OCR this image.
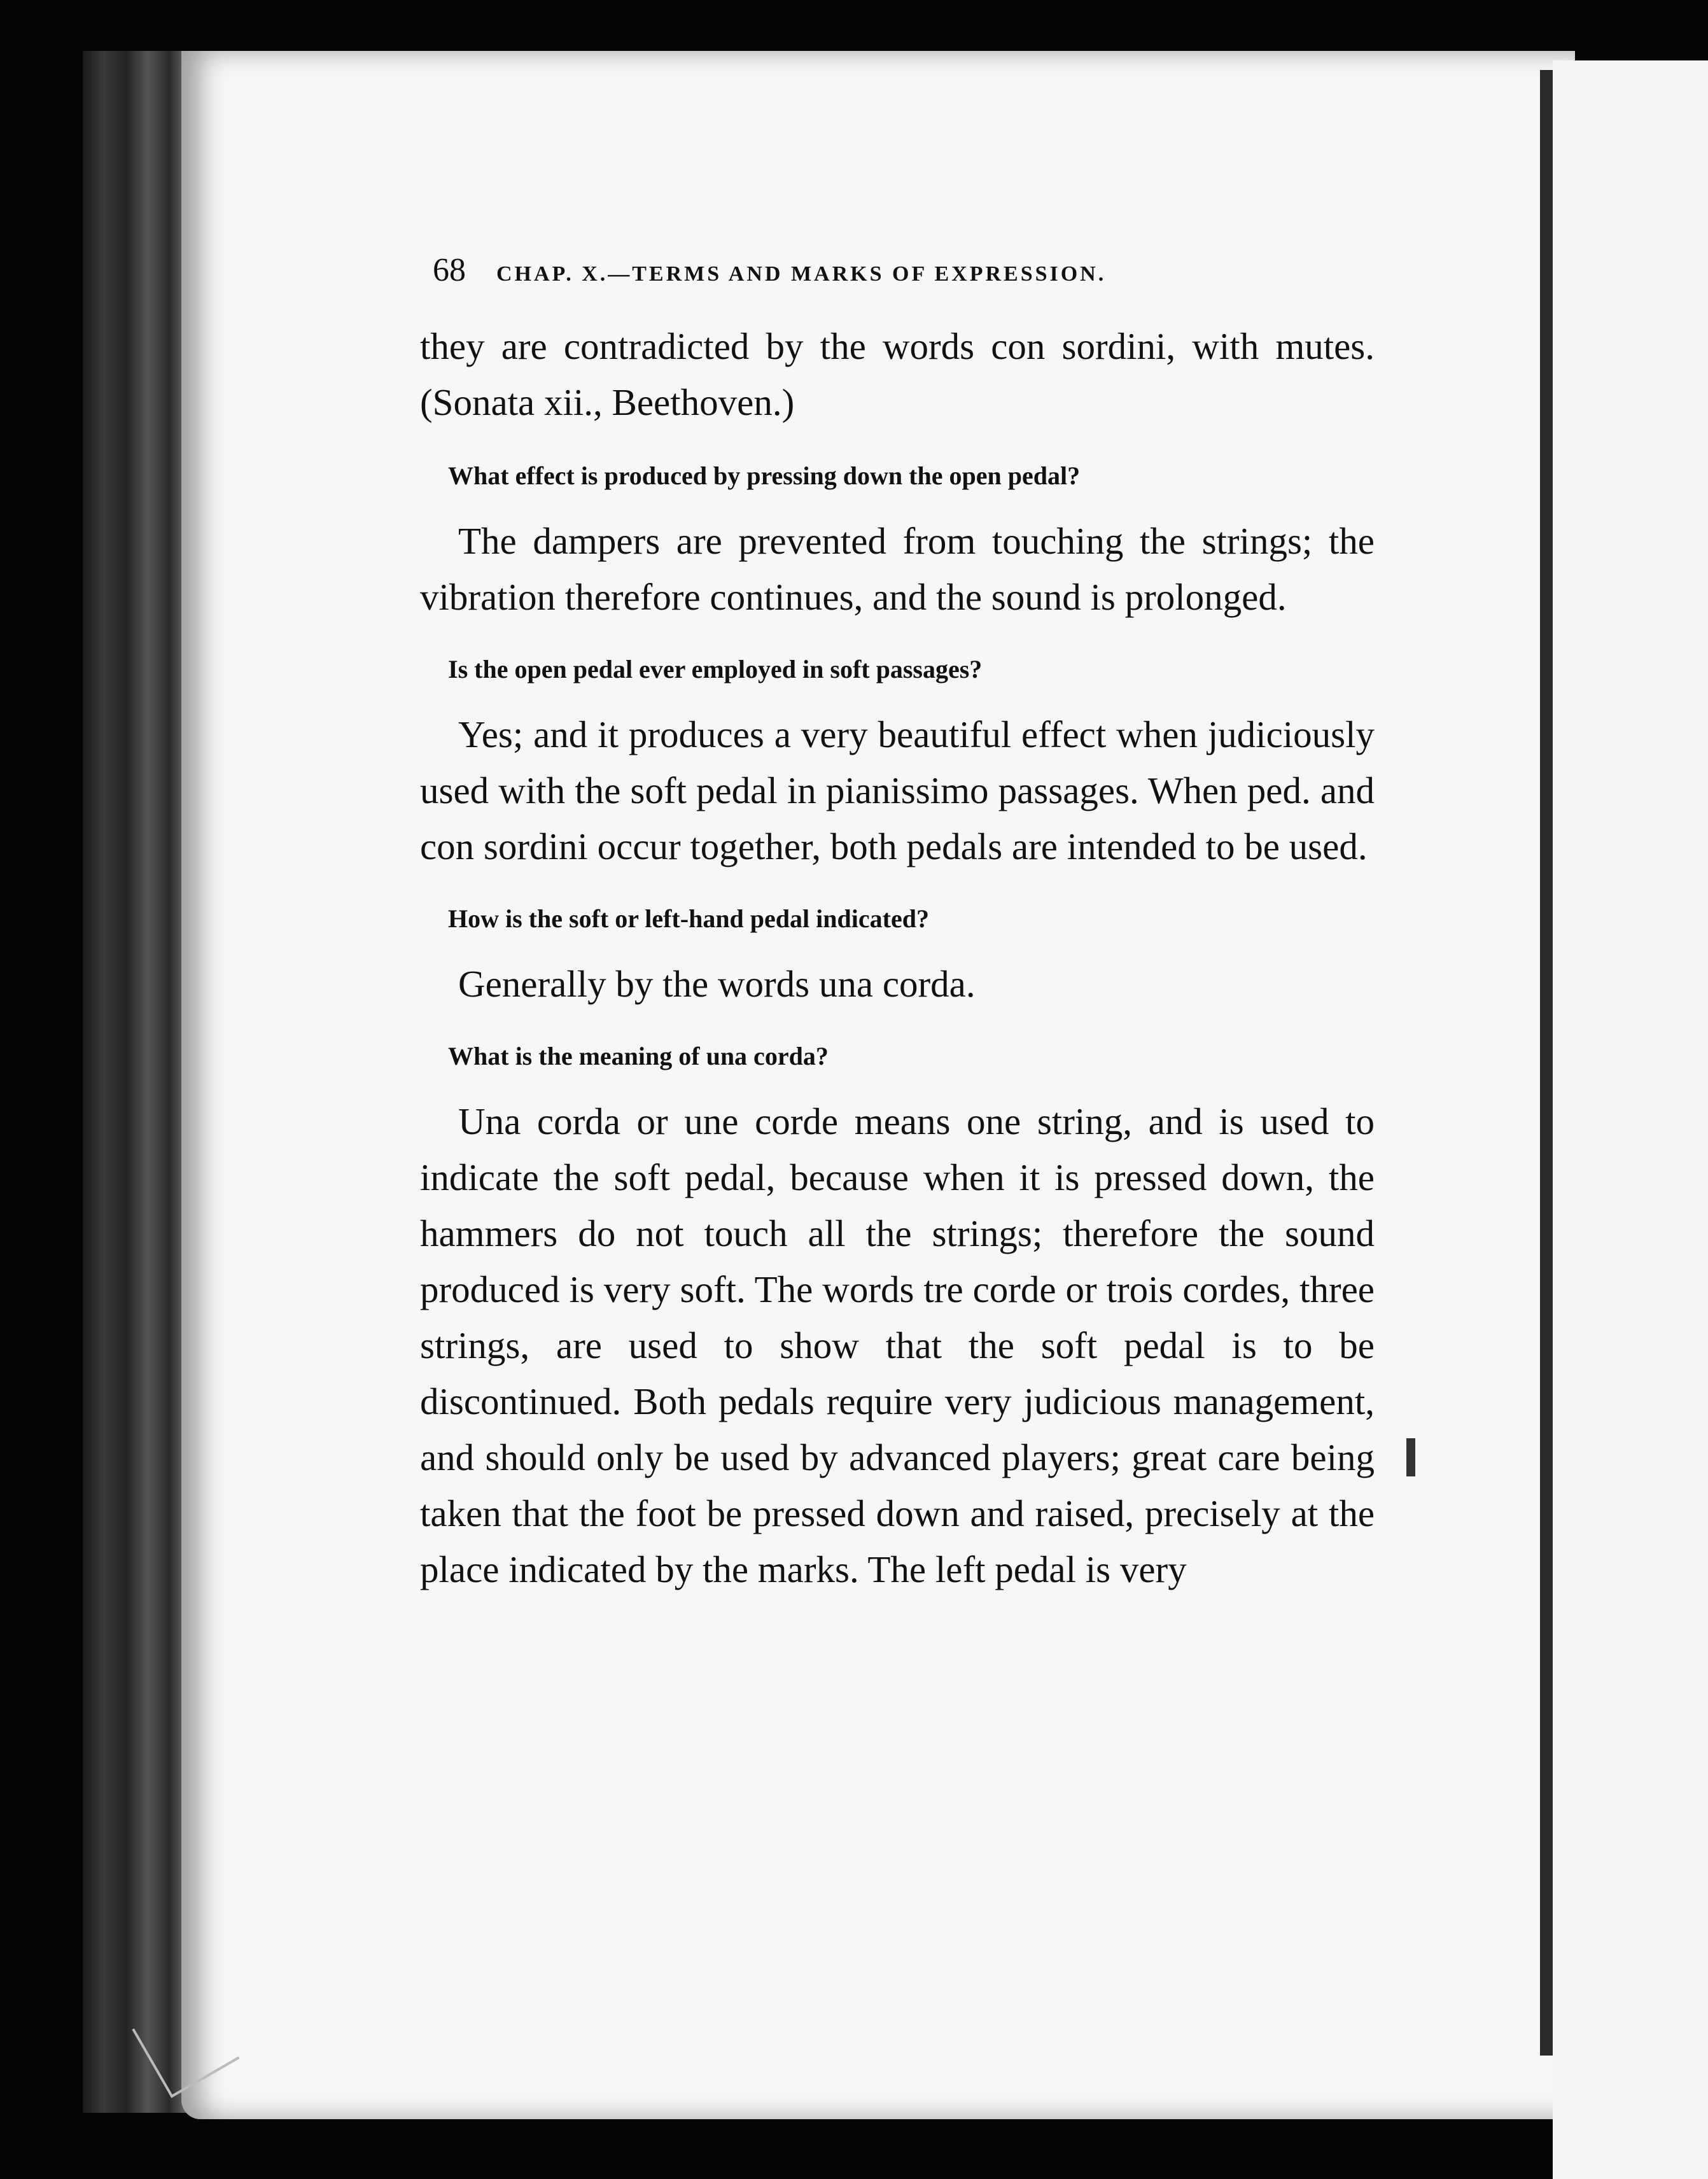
68 CHAP. X.—TERMS AND MARKS OF EXPRESSION.

they are contradicted by the words con sordini, with mutes. (Sonata xii., Beethoven.)

What effect is produced by pressing down the open pedal?

The dampers are prevented from touching the strings; the vibration therefore continues, and the sound is prolonged.

Is the open pedal ever employed in soft passages?

Yes; and it produces a very beautiful effect when judiciously used with the soft pedal in pianissimo passages. When ped. and con sordini occur together, both pedals are intended to be used.

How is the soft or left-hand pedal indicated?

Generally by the words una corda.

What is the meaning of una corda?

Una corda or une corde means one string, and is used to indicate the soft pedal, because when it is pressed down, the hammers do not touch all the strings; therefore the sound produced is very soft. The words tre corde or trois cordes, three strings, are used to show that the soft pedal is to be discontinued. Both pedals require very judicious management, and should only be used by advanced players; great care being taken that the foot be pressed down and raised, precisely at the place indicated by the marks. The left pedal is very
